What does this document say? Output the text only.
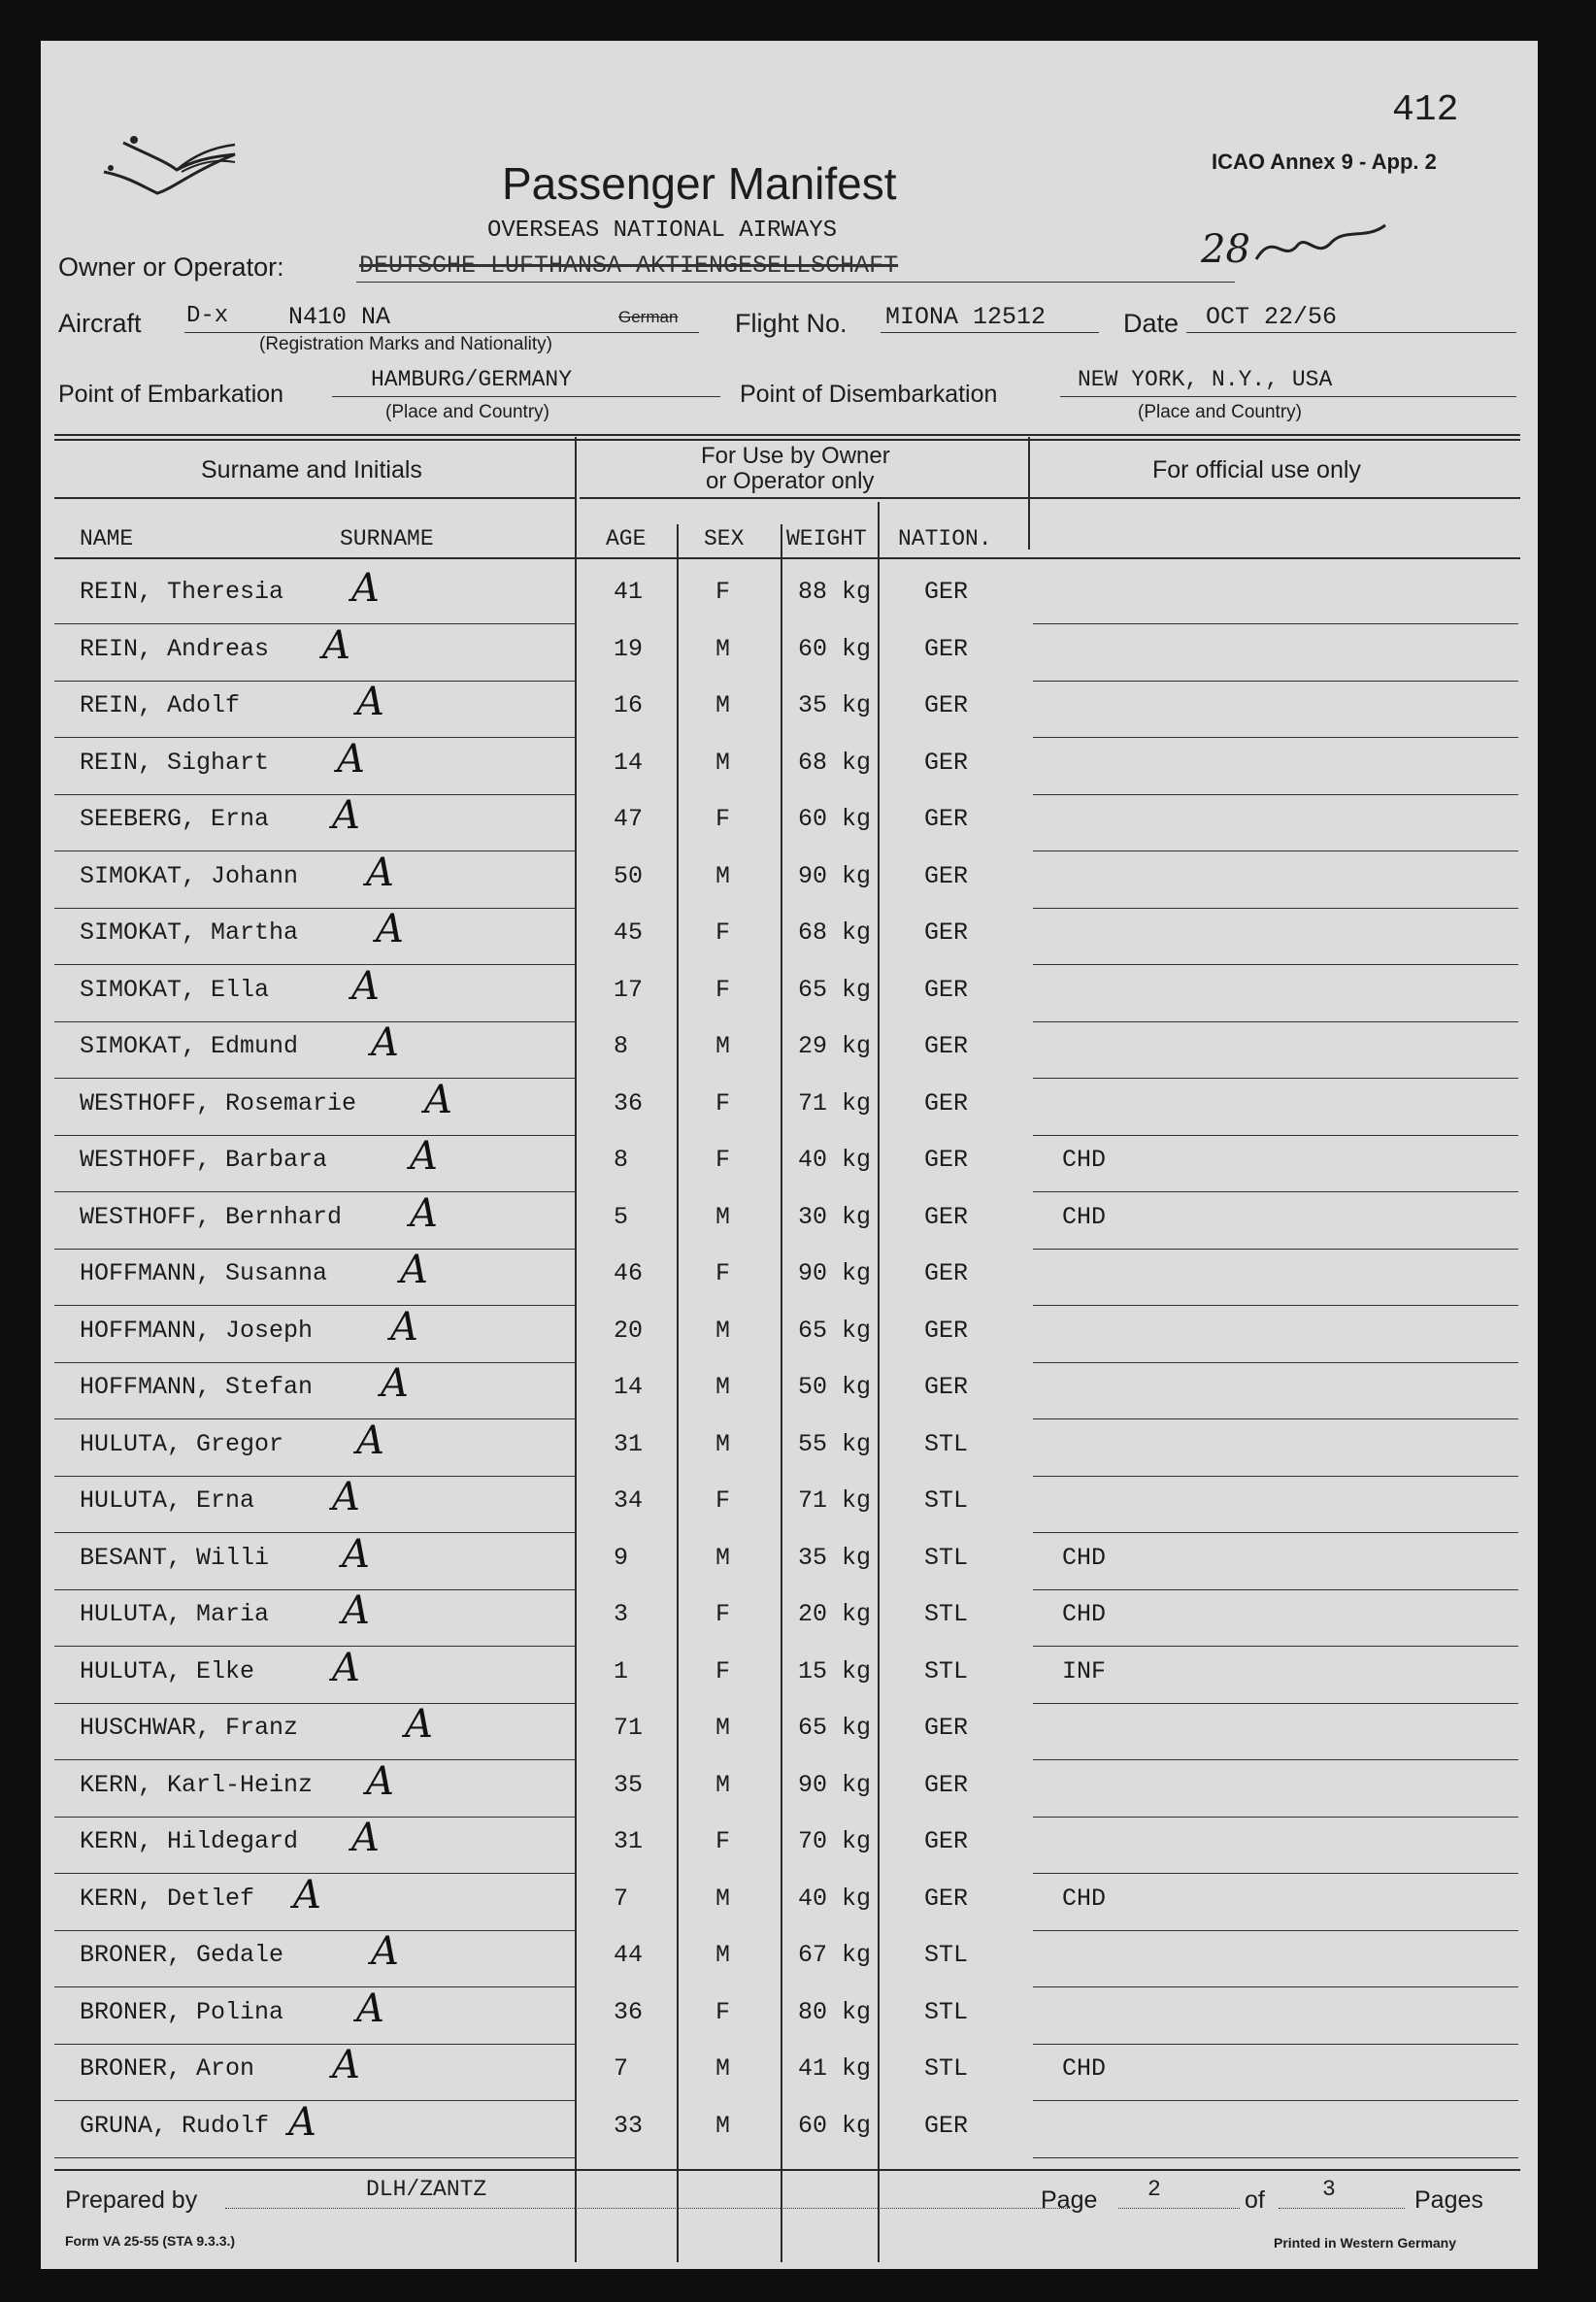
412
ICAO Annex 9 - App. 2
Passenger Manifest
OVERSEAS NATIONAL AIRWAYS
Owner or Operator:	DEUTSCHE LUFTHANSA AKTIENGESELLSCHAFT	28
Aircraft D-x N410 NA	German
(Registration Marks and Nationality)
Flight No. MIONA 12512	Date OCT 22/56
Point of Embarkation
HAMBURG/GERMANY
(Place and Country)
Point of Disembarkation
NEW YORK, N.Y., USA
(Place and Country)
Surname and Initials
For Use by Owner
or Operator only	For official use only
NAME	SURNAME	AGE	SEX WEIGHT NATION.
REIN, Theresia	41	F	88 kg GER
A
REIN, Andreas	19	M	60 kg GER
A
REIN, Adolf	16	M	35 kg GER
A
REIN, Sighart	14	M	68 kg GER
A
SEEBERG, Erna	47	F	60 kg GER
A
SIMOKAT, Johann	50	M	90 kg GER
A
SIMOKAT, Martha	45	F	68 kg GER
A
SIMOKAT, Ella	17	F	65 kg GER
A
SIMOKAT, Edmund	8	M	29 kg GER
A
WESTHOFF, Rosemarie	36	F	71 kg GER
A
WESTHOFF, Barbara	8	F	40 kg GER	CHD
A
WESTHOFF, Bernhard	5	M	30 kg GER	CHD
A
HOFFMANN, Susanna	46	F	90 kg GER
A
HOFFMANN, Joseph	20	M	65 kg GER
A
HOFFMANN, Stefan	14	M	50 kg GER
A
HULUTA, Gregor	31	M	55 kg STL
A
HULUTA, Erna	34	F	71 kg STL
A
BESANT, Willi	9	M	35 kg STL	CHD
A
HULUTA, Maria	3	F	20 kg STL	CHD
A
HULUTA, Elke	1	F	15 kg STL	INF
A
HUSCHWAR, Franz	71	M	65 kg GER
A
KERN, Karl-Heinz	35	M	90 kg GER
A
KERN, Hildegard	31	F	70 kg GER
A
KERN, Detlef	7	M	40 kg GER	CHD
A
BRONER, Gedale	44	M	67 kg STL
A
BRONER, Polina	36	F	80 kg STL
A
BRONER, Aron	7	M	41 kg STL	CHD
A
GRUNA, Rudolf	33	M	60 kg GER
A
Prepared by	DLH/ZANTZ	Page 2	of	3	Pages
Form VA 25-55 (STA 9.3.3.)	Printed in Western Germany
